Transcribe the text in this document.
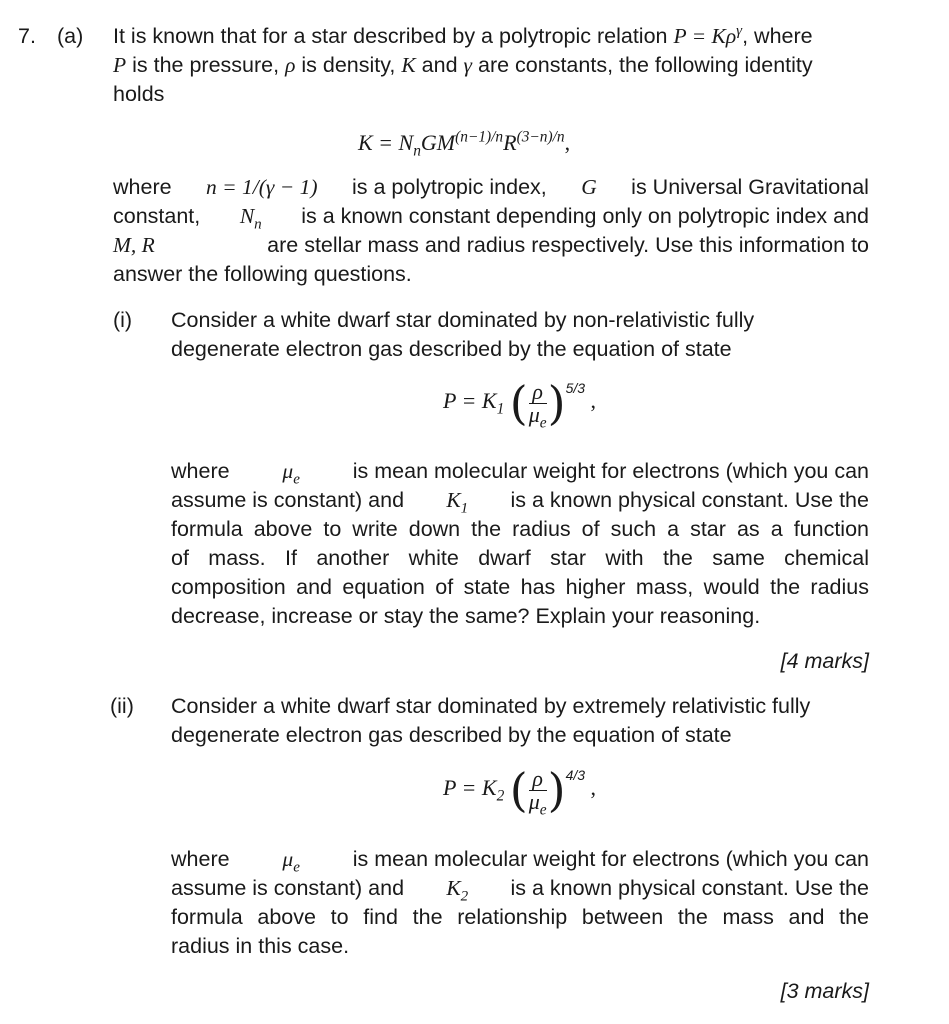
7. (a) It is known that for a star described by a polytropic relation $P = K\rho^\gamma$, where
P is the pressure, ρ is density, K and γ are constants, the following identity
holds
$K = N_nGM^{(n-1)/n}R^{(3-n)/n}$,
where n = 1/(γ − 1) is a polytropic index, G is Universal Gravitational
constant, $N_n$ is a known constant depending only on polytropic index and
M, R	are stellar mass and radius respectively. Use this information to
answer the following questions.
(i) Consider a white dwarf star dominated by non-relativistic fully
degenerate electron gas described by the equation of state
$P = K_1$ ( $\frac{\rho}{\mu_e} )^{5/3}$ ,
where $\mu_e$ is mean molecular weight for electrons (which you can
assume is constant) and $K_1$ is a known physical constant. Use the
formula above to write down the radius of such a star as a function
of mass. If another white dwarf star with the same chemical
composition and equation of state has higher mass, would the radius
decrease, increase or stay the same? Explain your reasoning.
[4 marks]
(ii) Consider a white dwarf star dominated by extremely relativistic fully
degenerate electron gas described by the equation of state
$P = K_2$ ( $\frac{\rho}{\mu_e} )^{4/3}$ ,
where $\mu_e$ is mean molecular weight for electrons (which you can
assume is constant) and $K_2$ is a known physical constant. Use the
formula above to find the relationship between the mass and the
radius in this case.
[3 marks]
